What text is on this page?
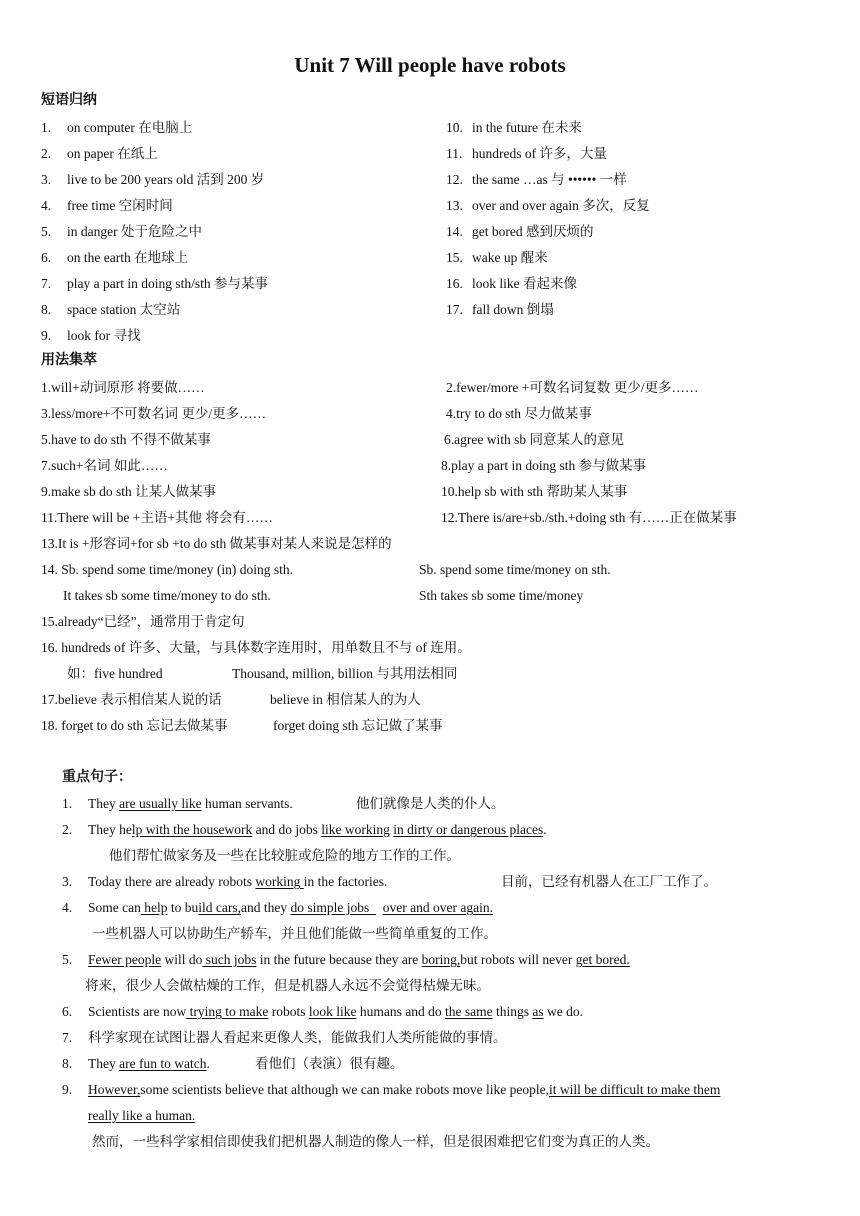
Unit 7 Will people have robots
短语归纳
1. on computer 在电脑上
2. on paper 在纸上
3. live to be 200 years old 活到 200 岁
4. free time 空闲时间
5. in danger 处于危险之中
6. on the earth 在地球上
7. play a part in doing sth/sth 参与某事
8. space station 太空站
9. look for 寻找
10. in the future 在未来
11. hundreds of 许多，大量
12. the same …as 与 •••••• 一样
13. over and over again 多次，反复
14. get bored 感到厌烦的
15. wake up 醒来
16. look like 看起来像
17. fall down 倒塌
用法集萃
1.will+动词原形 将要做……	2.fewer/more +可数名词复数 更少/更多……
3.less/more+不可数名词 更少/更多……	4.try to do sth 尽力做某事
5.have to do sth 不得不做某事	6.agree with sb 同意某人的意见
7.such+名词 如此……	8.play a part in doing sth 参与做某事
9.make sb do sth 让某人做某事	10.help sb with sth 帮助某人某事
11.There will be +主语+其他 将会有……	12.There is/are+sb./sth.+doing sth 有……正在做某事
13.It is +形容词+for sb +to do sth 做某事对某人来说是怎样的
14. Sb. spend some time/money (in) doing sth.	Sb. spend some time/money on sth.
It takes sb some time/money to do sth.	Sth takes sb some time/money
15.already“已经”，通常用于肯定句
16. hundreds of 许多、大量，与具体数字连用时，用单数且不与 of 连用。
如：five hundred	Thousand, million, billion 与其用法相同
17.believe 表示相信某人说的话	believe in 相信某人的为人
18. forget to do sth 忘记去做某事	forget doing sth 忘记做了某事
重点句子：
1. They are usually like human servants.	他们就像是人类的仆人。
2. They help with the housework and do jobs like working in dirty or dangerous places.
他们帮忙做家务及一些在比较脏或危险的地方工作的工作。
3. Today there are already robots working in the factories.	目前，已经有机器人在工厂工作了。
4. Some can help to build cars,and they do simple jobs    over and over again.
一些机器人可以协助生产轿车，并且他们能做一些简单重复的工作。
5. Fewer people will do such jobs in the future because they are boring,but robots will never get bored.
将来，很少人会做枯燥的工作，但是机器人永远不会觉得枯燥无味。
6. Scientists are now trying to make robots look like humans and do the same things as we do.
7. 科学家现在试图让器人看起来更像人类，能做我们人类所能做的事情。
8. They are fun to watch.	看他们（表演）很有趣。
9. However,some scientists believe that although we can make robots move like people,it will be difficult to make them
really like a human.
然而，一些科学家相信即使我们把机器人制造的像人一样，但是很困难把它们变为真正的人类。
